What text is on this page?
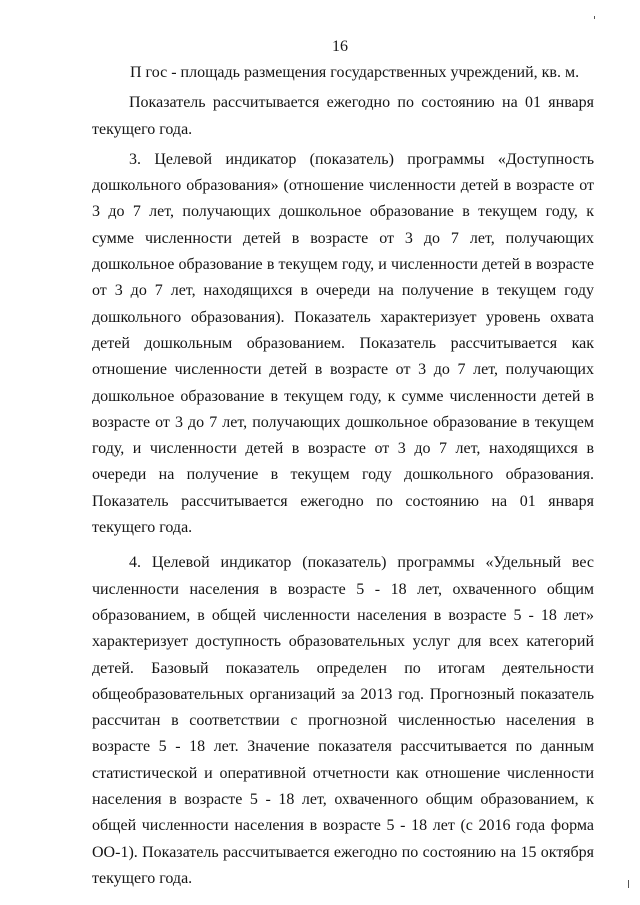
16

П гос - площадь размещения государственных учреждений, кв. м.

Показатель рассчитывается ежегодно по состоянию на 01 января текущего года.

3. Целевой индикатор (показатель) программы «Доступность дошкольного образования» (отношение численности детей в возрасте от 3 до 7 лет, получающих дошкольное образование в текущем году, к сумме численности детей в возрасте от 3 до 7 лет, получающих дошкольное образование в текущем году, и численности детей в возрасте от 3 до 7 лет, находящихся в очереди на получение в текущем году дошкольного образования). Показатель характеризует уровень охвата детей дошкольным образованием. Показатель рассчитывается как отношение численности детей в возрасте от 3 до 7 лет, получающих дошкольное образование в текущем году, к сумме численности детей в возрасте от 3 до 7 лет, получающих дошкольное образование в текущем году, и численности детей в возрасте от 3 до 7 лет, находящихся в очереди на получение в текущем году дошкольного образования. Показатель рассчитывается ежегодно по состоянию на 01 января текущего года.

4. Целевой индикатор (показатель) программы «Удельный вес численности населения в возрасте 5 - 18 лет, охваченного общим образованием, в общей численности населения в возрасте 5 - 18 лет» характеризует доступность образовательных услуг для всех категорий детей. Базовый показатель определен по итогам деятельности общеобразовательных организаций за 2013 год. Прогнозный показатель рассчитан в соответствии с прогнозной численностью населения в возрасте 5 - 18 лет. Значение показателя рассчитывается по данным статистической и оперативной отчетности как отношение численности населения в возрасте 5 - 18 лет, охваченного общим образованием, к общей численности населения в возрасте 5 - 18 лет (с 2016 года форма ОО-1). Показатель рассчитывается ежегодно по состоянию на 15 октября текущего года.
